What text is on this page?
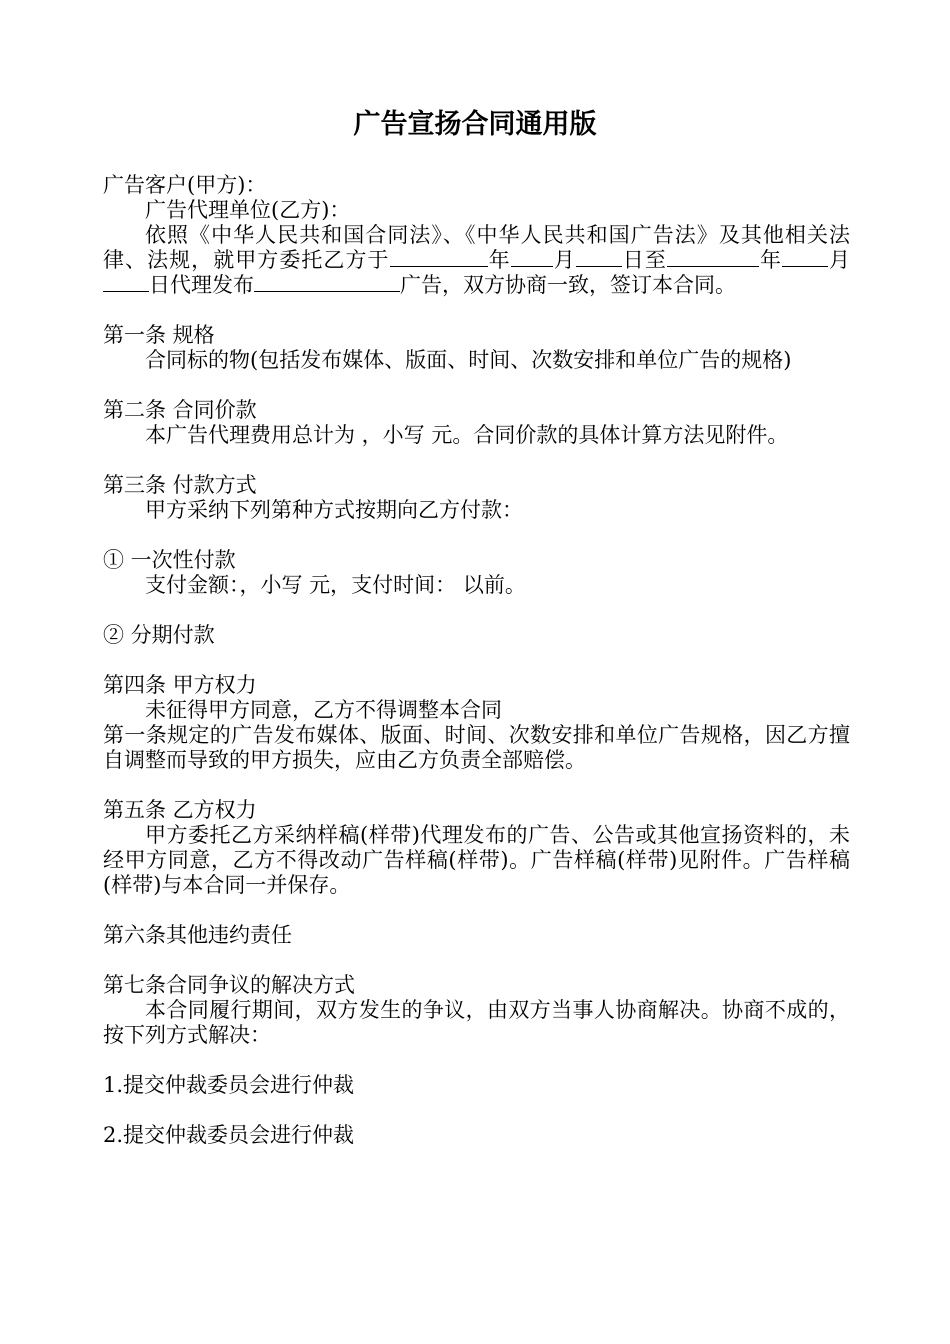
广告宣扬合同通用版

广告客户(甲方)：

广告代理单位(乙方)：

依照《中华人民共和国合同法》、《中华人民共和国广告法》及其他相关法律、法规，就甲方委托乙方于	年 月 日至	年 月日代理发布	广告，双方协商一致，签订本合同。

第一条 规格

合同标的物(包括发布媒体、版面、时间、次数安排和单位广告的规格)

第二条 合同价款

本广告代理费用总计为 ，小写 元。合同价款的具体计算方法见附件。

第三条 付款方式

甲方采纳下列第种方式按期向乙方付款：

① 一次性付款

支付金额：，小写 元，支付时间： 以前。

② 分期付款

第四条 甲方权力

未征得甲方同意，乙方不得调整本合同

第一条规定的广告发布媒体、版面、时间、次数安排和单位广告规格，因乙方擅自调整而导致的甲方损失，应由乙方负责全部赔偿。

第五条 乙方权力

甲方委托乙方采纳样稿(样带)代理发布的广告、公告或其他宣扬资料的，未经甲方同意，乙方不得改动广告样稿(样带)。广告样稿(样带)见附件。广告样稿(样带)与本合同一并保存。

第六条其他违约责任

第七条合同争议的解决方式

本合同履行期间，双方发生的争议，由双方当事人协商解决。协商不成的，按下列方式解决：

1.提交仲裁委员会进行仲裁

2.提交仲裁委员会进行仲裁
